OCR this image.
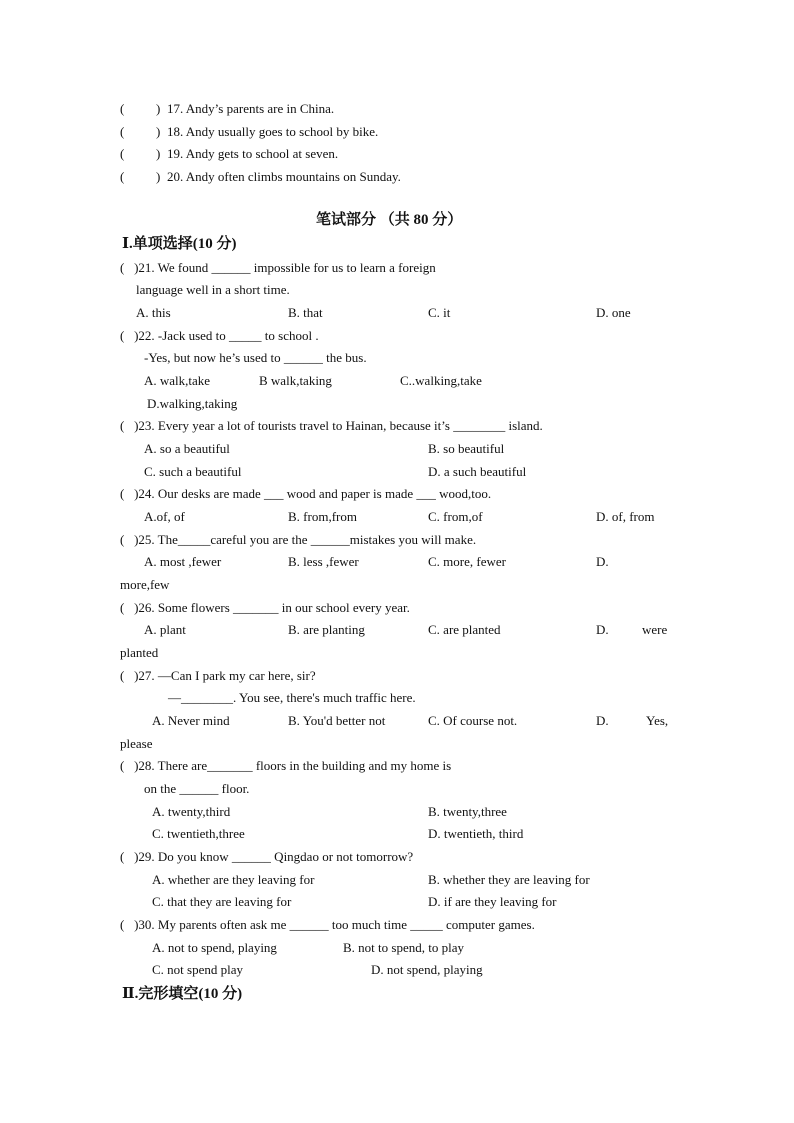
( ) 17. Andy’s parents are in China.
( ) 18. Andy usually goes to school by bike.
( ) 19. Andy gets to school at seven.
( ) 20. Andy often climbs mountains on Sunday.
笔试部分 （共 80 分）
Ⅰ.单项选择(10 分)
(   )21. We found ______ impossible for us to learn a foreign
language well in a short time.
A. this	B. that	C. it	D. one
(   )22. -Jack used to _____ to school .
-Yes, but now he’s used to ______ the bus.
A. walk,take	B walk,taking	C..walking,take
D.walking,taking
(   )23. Every year a lot of tourists travel to Hainan, because it’s ________ island.
A. so a beautiful	B. so beautiful
C. such a beautiful	D. a such beautiful
(   )24. Our desks are made ___ wood and paper is made ___ wood,too.
A.of, of	B. from,from	C. from,of	D. of, from
(   )25. The_____careful you are the ______mistakes you will make.
A. most ,fewer	B. less ,fewer	C. more, fewer	D.
more,few
(   )26. Some flowers _______ in our school every year.
A. plant	B. are planting	C. are planted	D.	were
planted
(   )27. —Can I park my car here, sir?
—________. You see, there's much traffic here.
A. Never mind	B. You'd better not	C. Of course not.	D.	Yes,
please
(   )28. There are_______ floors in the building and my home is
on the ______ floor.
A. twenty,third	B. twenty,three
C. twentieth,three	D. twentieth, third
(   )29. Do you know ______ Qingdao or not tomorrow?
A. whether are they leaving for	B. whether they are leaving for
C. that they are leaving for	D. if are they leaving for
(   )30. My parents often ask me ______ too much time _____ computer games.
A. not to spend, playing	B. not to spend, to play
C. not spend play	D. not spend, playing
Ⅱ.完形填空(10 分)
